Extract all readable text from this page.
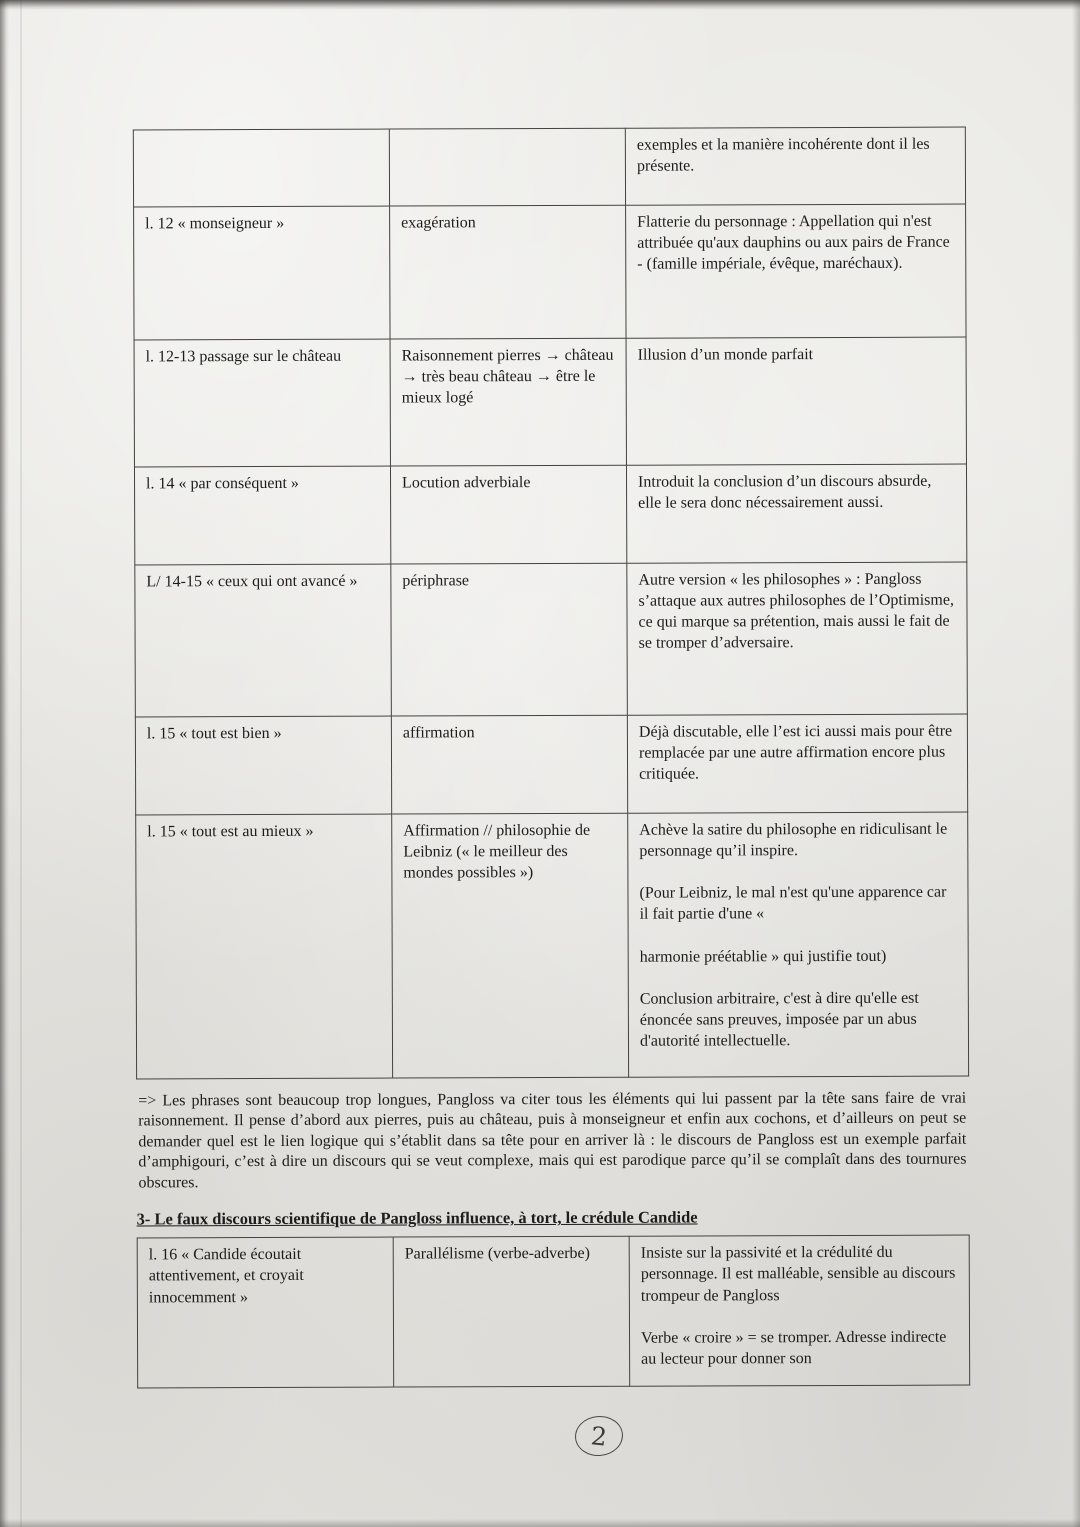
		exemples et la manière incohérente dont il les présente.
l. 12 « monseigneur »	exagération	Flatterie du personnage : Appellation qui n'est attribuée qu'aux dauphins ou aux pairs de France - (famille impériale, évêque, maréchaux).
l. 12-13 passage sur le château	Raisonnement pierres → château → très beau château → être le mieux logé	Illusion d’un monde parfait
l. 14 « par conséquent »	Locution adverbiale	Introduit la conclusion d’un discours absurde, elle le sera donc nécessairement aussi.
L/ 14-15 « ceux qui ont avancé »	périphrase	Autre version « les philosophes » : Pangloss s’attaque aux autres philosophes de l’Optimisme, ce qui marque sa prétention, mais aussi le fait de se tromper d’adversaire.
l. 15 « tout est bien »	affirmation	Déjà discutable, elle l’est ici aussi mais pour être remplacée par une autre affirmation encore plus critiquée.
l. 15 « tout est au mieux »	Affirmation // philosophie de Leibniz (« le meilleur des mondes possibles »)	Achève la satire du philosophe en ridiculisant le personnage qu’il inspire.

(Pour Leibniz, le mal n'est qu'une apparence car il fait partie d'une «

harmonie préétablie » qui justifie tout)

Conclusion arbitraire, c'est à dire qu'elle est énoncée sans preuves, imposée par un abus d'autorité intellectuelle.

=> Les phrases sont beaucoup trop longues, Pangloss va citer tous les éléments qui lui passent par la tête sans faire de vrai raisonnement. Il pense d’abord aux pierres, puis au château, puis à monseigneur et enfin aux cochons, et d’ailleurs on peut se demander quel est le lien logique qui s’établit dans sa tête pour en arriver là : le discours de Pangloss est un exemple parfait d’amphigouri, c’est à dire un discours qui se veut complexe, mais qui est parodique parce qu’il se complaît dans des tournures obscures.

3- Le faux discours scientifique de Pangloss influence, à tort, le crédule Candide
l. 16 « Candide écoutait attentivement, et croyait innocemment »	Parallélisme (verbe-adverbe)	Insiste sur la passivité et la crédulité du personnage. Il est malléable, sensible au discours trompeur de Pangloss

Verbe « croire » = se tromper. Adresse indirecte au lecteur pour donner son
2
